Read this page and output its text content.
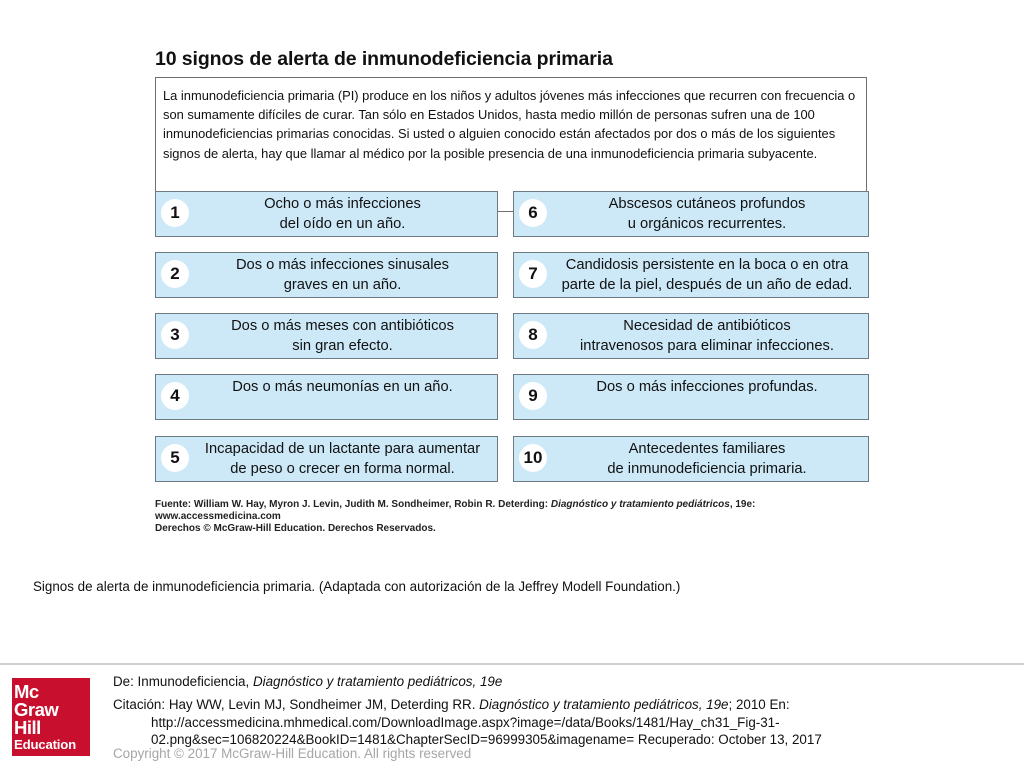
10 signos de alerta de inmunodeficiencia primaria
La inmunodeficiencia primaria (PI) produce en los niños y adultos jóvenes más infecciones que recurren con frecuencia o son sumamente difíciles de curar. Tan sólo en Estados Unidos, hasta medio millón de personas sufren una de 100 inmunodeficiencias primarias conocidas. Si usted o alguien conocido están afectados por dos o más de los siguientes signos de alerta, hay que llamar al médico por la posible presencia de una inmunodeficiencia primaria subyacente.
1	Ocho o más infecciones
del oído en un año.
2	Dos o más infecciones sinusales
graves en un año.
3	Dos o más meses con antibióticos
sin gran efecto.
4	Dos o más neumonías en un año.
5	Incapacidad de un lactante para aumentar
de peso o crecer en forma normal.
6	Abscesos cutáneos profundos
u orgánicos recurrentes.
7	Candidosis persistente en la boca o en otra
parte de la piel, después de un año de edad.
8	Necesidad de antibióticos
intravenosos para eliminar infecciones.
9	Dos o más infecciones profundas.
10	Antecedentes familiares
de inmunodeficiencia primaria.
Fuente: William W. Hay, Myron J. Levin, Judith M. Sondheimer, Robin R. Deterding: Diagnóstico y tratamiento pediátricos, 19e:
www.accessmedicina.com
Derechos © McGraw-Hill Education. Derechos Reservados.
Signos de alerta de inmunodeficiencia primaria. (Adaptada con autorización de la Jeffrey Modell Foundation.)
Mc
Graw
Hill
Education
De: Inmunodeficiencia, Diagnóstico y tratamiento pediátricos, 19e
Citación: Hay WW, Levin MJ, Sondheimer JM, Deterding RR. Diagnóstico y tratamiento pediátricos, 19e; 2010 En:
http://accessmedicina.mhmedical.com/DownloadImage.aspx?image=/data/Books/1481/Hay_ch31_Fig-31-
02.png&sec=106820224&BookID=1481&ChapterSecID=96999305&imagename= Recuperado: October 13, 2017
Copyright © 2017 McGraw-Hill Education. All rights reserved
